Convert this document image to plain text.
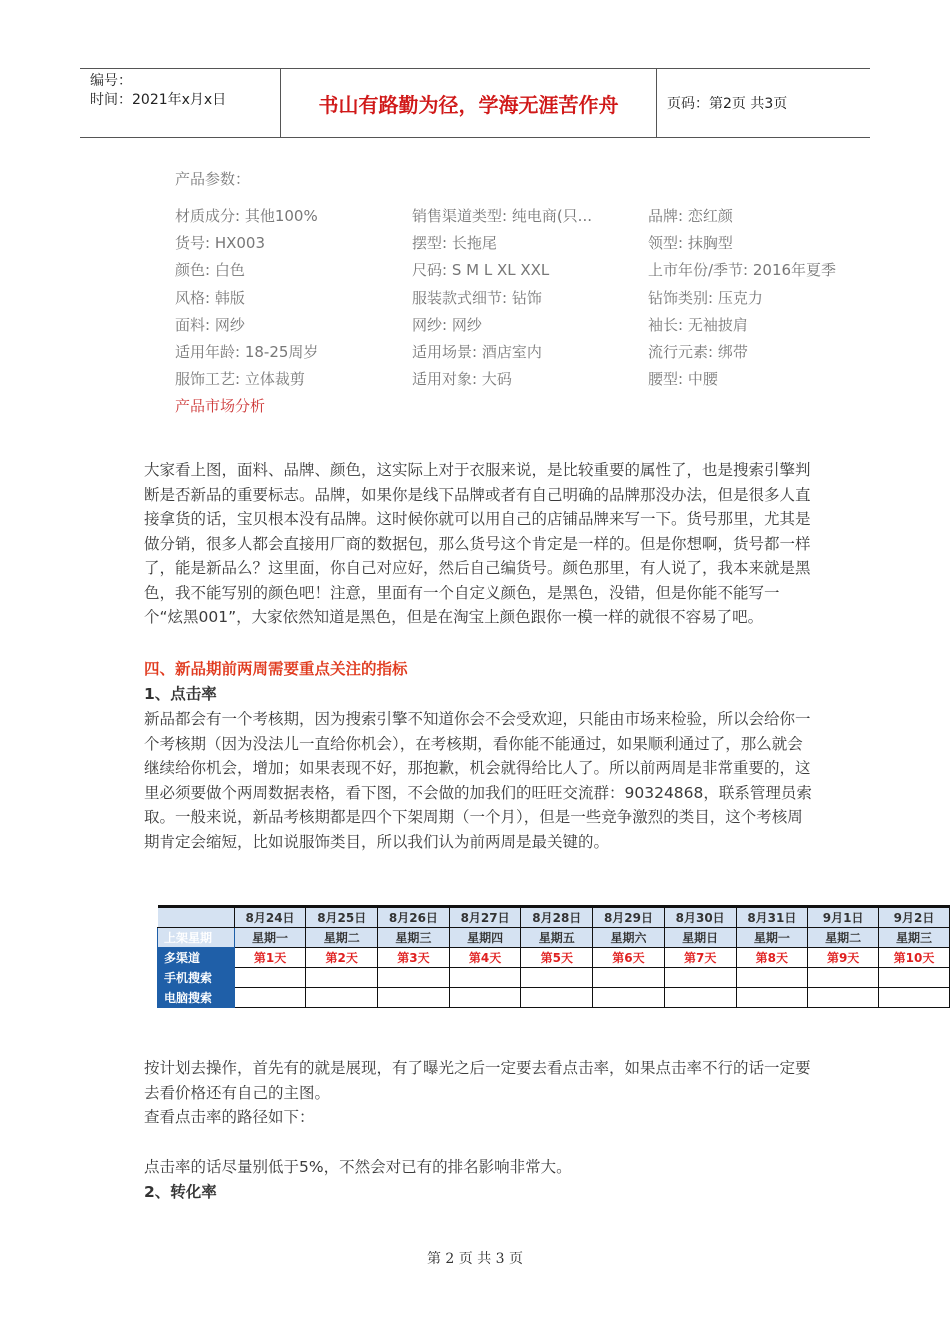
编号：
时间：2021年x月x日	书山有路勤为径，学海无涯苦作舟	页码：第2页 共3页
产品参数：
材质成分: 其他100%	销售渠道类型: 纯电商(只...	品牌: 恋红颜
货号: HX003	摆型: 长拖尾	领型: 抹胸型
颜色: 白色	尺码: S M L XL XXL	上市年份/季节: 2016年夏季
风格: 韩版	服装款式细节: 钻饰	钻饰类别: 压克力
面料: 网纱	网纱: 网纱	袖长: 无袖披肩
适用年龄: 18-25周岁	适用场景: 酒店室内	流行元素: 绑带
服饰工艺: 立体裁剪	适用对象: 大码	腰型: 中腰
产品市场分析
大家看上图，面料、品牌、颜色，这实际上对于衣服来说，是比较重要的属性了，也是搜索引擎判断是否新品的重要标志。品牌，如果你是线下品牌或者有自己明确的品牌那没办法，但是很多人直接拿货的话，宝贝根本没有品牌。这时候你就可以用自己的店铺品牌来写一下。货号那里，尤其是做分销，很多人都会直接用厂商的数据包，那么货号这个肯定是一样的。但是你想啊，货号都一样了，能是新品么？这里面，你自己对应好，然后自己编货号。颜色那里，有人说了，我本来就是黑色，我不能写别的颜色吧！注意，里面有一个自定义颜色，是黑色，没错，但是你能不能写一个“炫黑001”，大家依然知道是黑色，但是在淘宝上颜色跟你一模一样的就很不容易了吧。
四、新品期前两周需要重点关注的指标
1、点击率
新品都会有一个考核期，因为搜索引擎不知道你会不会受欢迎，只能由市场来检验，所以会给你一个考核期（因为没法儿一直给你机会），在考核期，看你能不能通过，如果顺利通过了，那么就会继续给你机会，增加；如果表现不好，那抱歉，机会就得给比人了。所以前两周是非常重要的，这里必须要做个两周数据表格，看下图，不会做的加我们的旺旺交流群：90324868，联系管理员索取。一般来说，新品考核期都是四个下架周期（一个月），但是一些竞争激烈的类目，这个考核周期肯定会缩短，比如说服饰类目，所以我们认为前两周是最关键的。
	8月24日	8月25日	8月26日	8月27日	8月28日	8月29日	8月30日	8月31日	9月1日	9月2日
上架星期	星期一	星期二	星期三	星期四	星期五	星期六	星期日	星期一	星期二	星期三
多渠道	第1天	第2天	第3天	第4天	第5天	第6天	第7天	第8天	第9天	第10天
手机搜索										
电脑搜索										
按计划去操作，首先有的就是展现，有了曝光之后一定要去看点击率，如果点击率不行的话一定要去看价格还有自己的主图。
查看点击率的路径如下：
点击率的话尽量别低于5%，不然会对已有的排名影响非常大。
2、转化率
第 2 页 共 3 页
